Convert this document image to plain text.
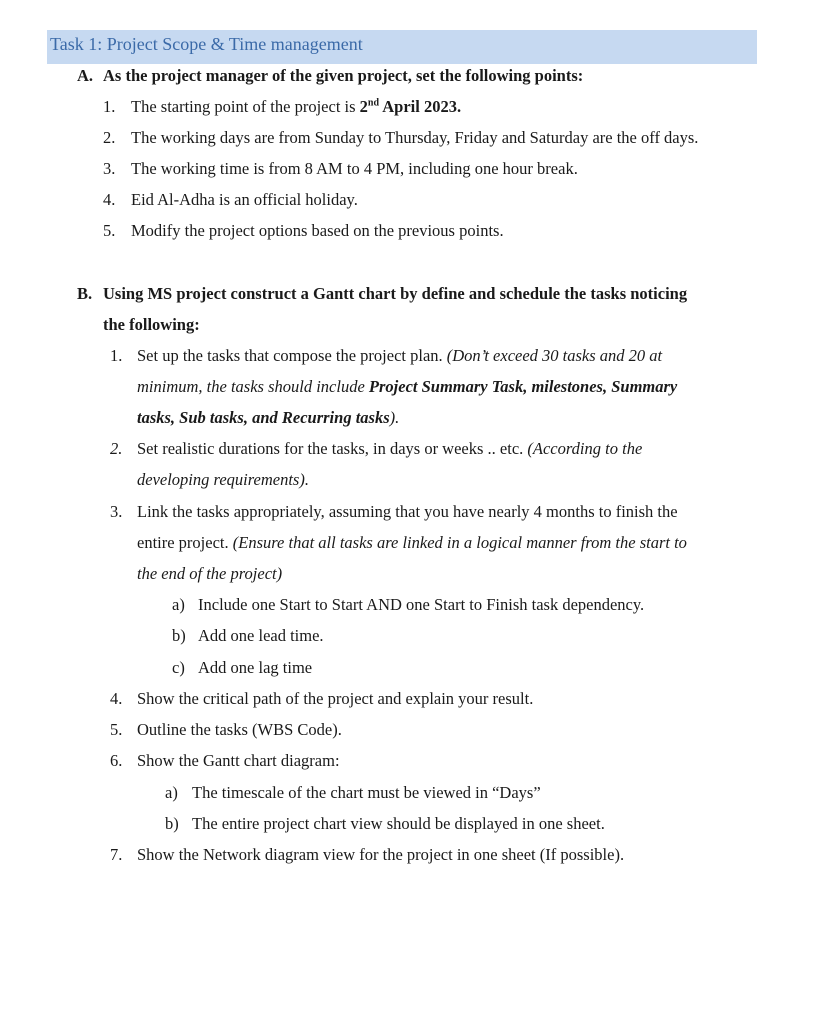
Task 1: Project Scope & Time management
A. As the project manager of the given project, set the following points:
1. The starting point of the project is 2nd April 2023.
2. The working days are from Sunday to Thursday, Friday and Saturday are the off days.
3. The working time is from 8 AM to 4 PM, including one hour break.
4. Eid Al-Adha is an official holiday.
5. Modify the project options based on the previous points.
B. Using MS project construct a Gantt chart by define and schedule the tasks noticing
the following:
1. Set up the tasks that compose the project plan. (Don’t exceed 30 tasks and 20 at
minimum, the tasks should include Project Summary Task, milestones, Summary
tasks, Sub tasks, and Recurring tasks).
2. Set realistic durations for the tasks, in days or weeks .. etc. (According to the
developing requirements).
3. Link the tasks appropriately, assuming that you have nearly 4 months to finish the
entire project. (Ensure that all tasks are linked in a logical manner from the start to
the end of the project)
a) Include one Start to Start AND one Start to Finish task dependency.
b) Add one lead time.
c) Add one lag time
4. Show the critical path of the project and explain your result.
5. Outline the tasks (WBS Code).
6. Show the Gantt chart diagram:
a) The timescale of the chart must be viewed in “Days”
b) The entire project chart view should be displayed in one sheet.
7. Show the Network diagram view for the project in one sheet (If possible).
